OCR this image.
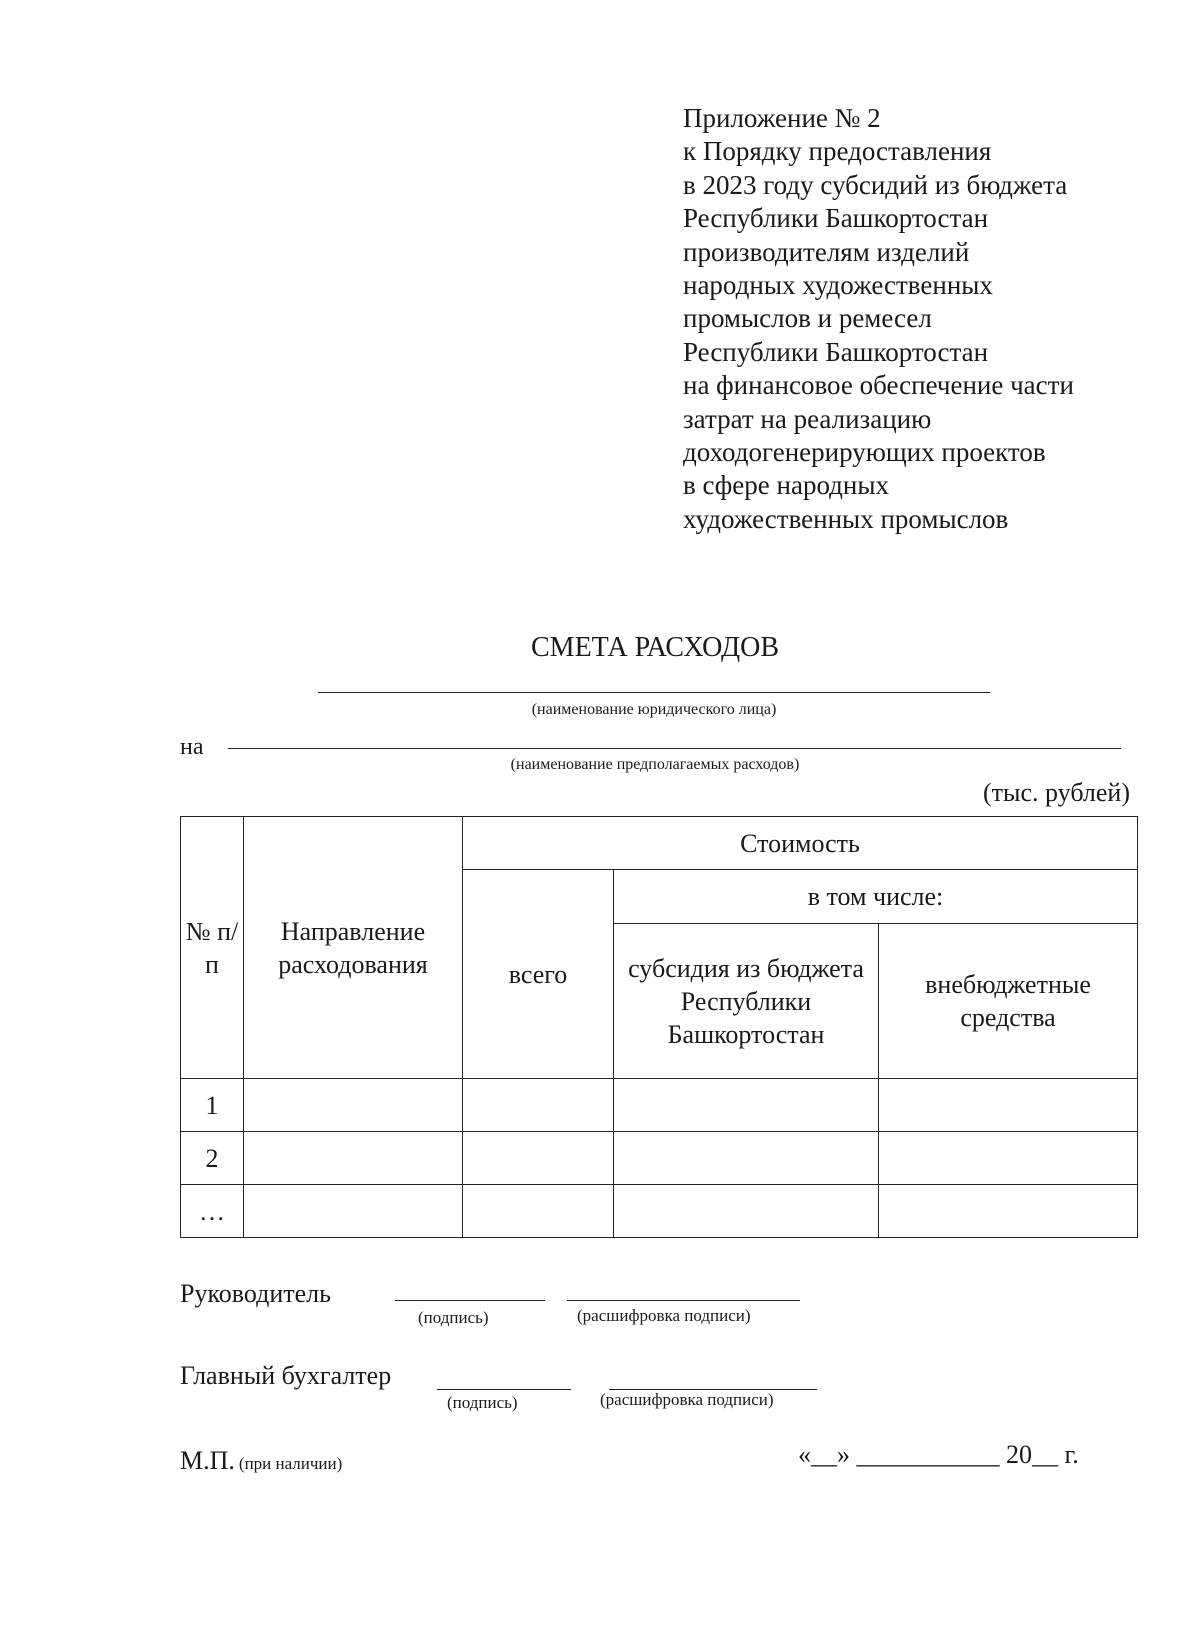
Приложение № 2
к Порядку предоставления
в 2023 году субсидий из бюджета
Республики Башкортостан
производителям изделий
народных художественных
промыслов и ремесел
Республики Башкортостан
на финансовое обеспечение части
затрат на реализацию
доходогенерирующих проектов
в сфере народных
художественных промыслов
СМЕТА РАСХОДОВ
(наименование юридического лица)
на
(наименование предполагаемых расходов)
(тыс. рублей)
№ п/п	Направление расходования	Стоимость		
		всего	в том числе:	
			субсидия из бюджета Республики Башкортостан	внебюджетные средства
1				
2				
…				
Руководитель
(подпись)	(расшифровка подписи)
Главный бухгалтер
(подпись)	(расшифровка подписи)
М.П. (при наличии)	«__» ___________ 20__ г.
